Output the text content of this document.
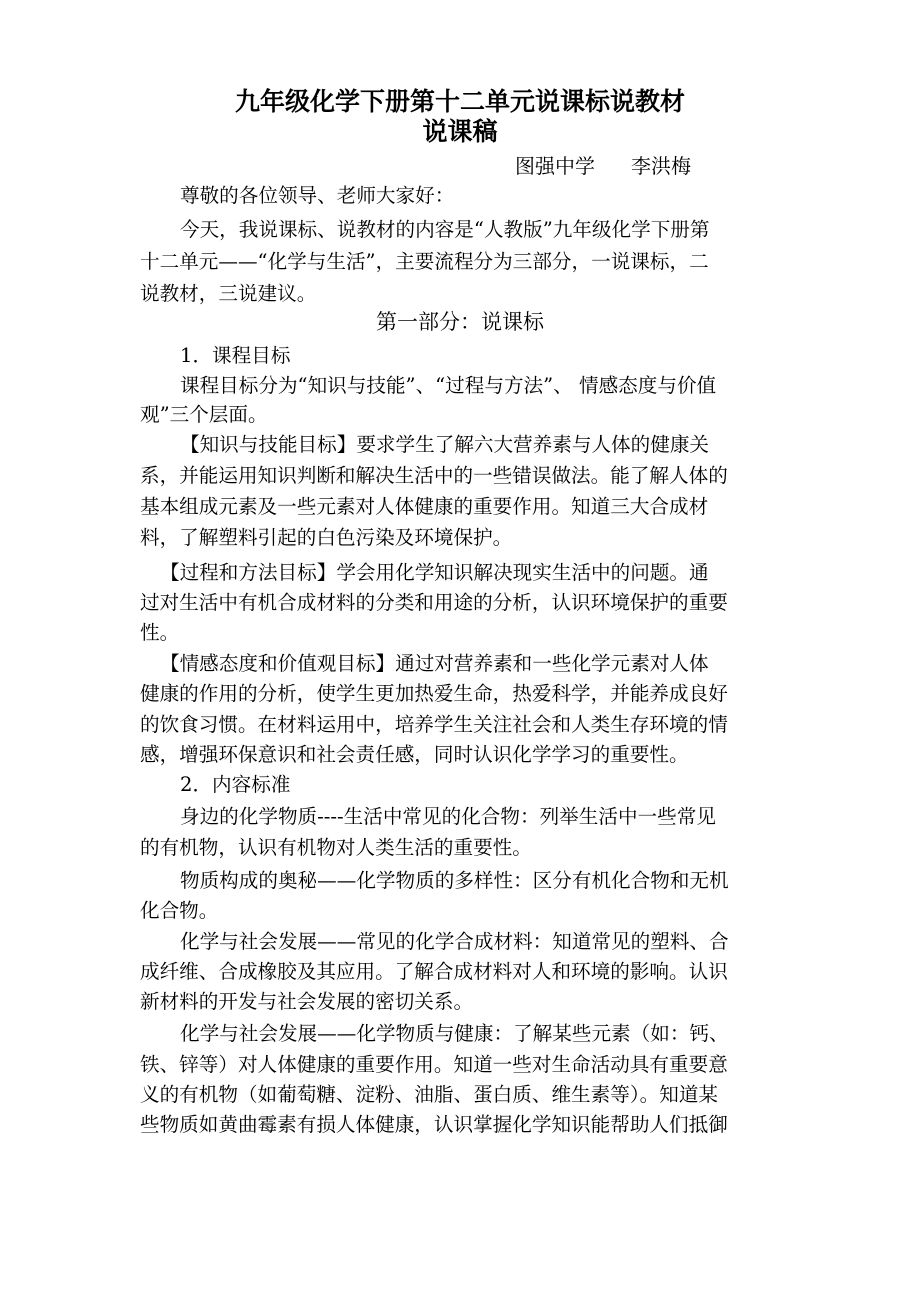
九年级化学下册第十二单元说课标说教材
说课稿
图强中学 李洪梅
尊敬的各位领导、老师大家好：
今天，我说课标、说教材的内容是“人教版”九年级化学下册第
十二单元——“化学与生活”，主要流程分为三部分，一说课标，二
说教材，三说建议。
第一部分：说课标
1．课程目标
课程目标分为“知识与技能”、“过程与方法”、 情感态度与价值
观”三个层面。
【知识与技能目标】要求学生了解六大营养素与人体的健康关
系，并能运用知识判断和解决生活中的一些错误做法。能了解人体的
基本组成元素及一些元素对人体健康的重要作用。知道三大合成材
料，了解塑料引起的白色污染及环境保护。
【过程和方法目标】学会用化学知识解决现实生活中的问题。通
过对生活中有机合成材料的分类和用途的分析，认识环境保护的重要
性。
【情感态度和价值观目标】通过对营养素和一些化学元素对人体
健康的作用的分析，使学生更加热爱生命，热爱科学，并能养成良好
的饮食习惯。在材料运用中，培养学生关注社会和人类生存环境的情
感，增强环保意识和社会责任感，同时认识化学学习的重要性。
2．内容标准
身边的化学物质----生活中常见的化合物：列举生活中一些常见
的有机物，认识有机物对人类生活的重要性。
物质构成的奥秘——化学物质的多样性：区分有机化合物和无机
化合物。
化学与社会发展——常见的化学合成材料：知道常见的塑料、合
成纤维、合成橡胶及其应用。了解合成材料对人和环境的影响。认识
新材料的开发与社会发展的密切关系。
化学与社会发展——化学物质与健康：了解某些元素（如：钙、
铁、锌等）对人体健康的重要作用。知道一些对生命活动具有重要意
义的有机物（如葡萄糖、淀粉、油脂、蛋白质、维生素等）。知道某
些物质如黄曲霉素有损人体健康，认识掌握化学知识能帮助人们抵御
